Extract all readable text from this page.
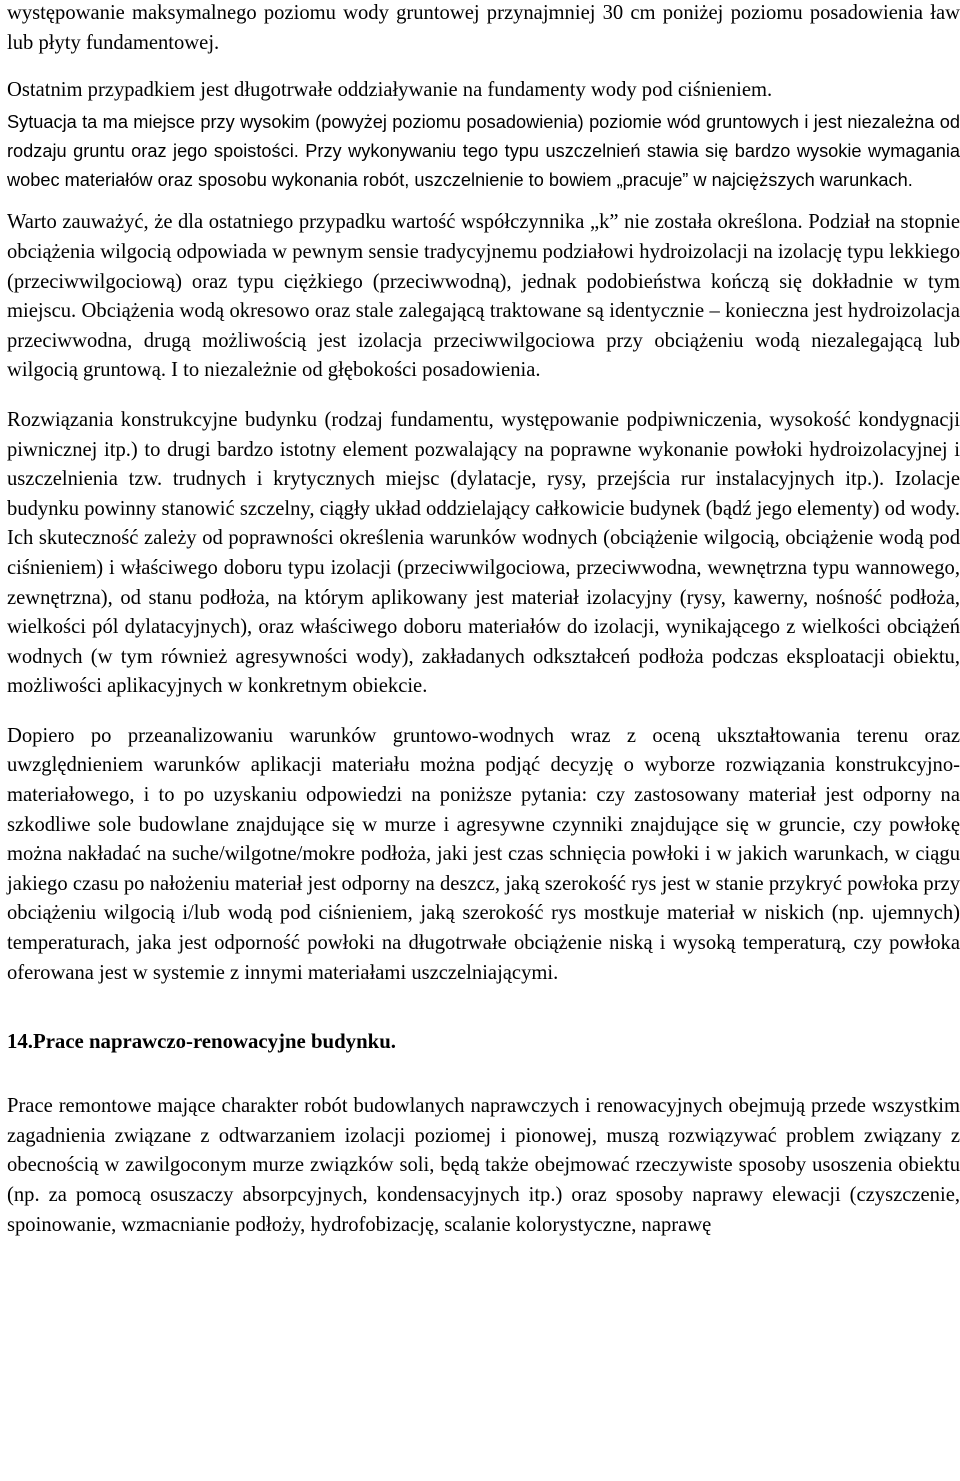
występowanie maksymalnego poziomu wody gruntowej przynajmniej 30 cm poniżej poziomu posadowienia ław lub płyty fundamentowej.

Ostatnim przypadkiem jest długotrwałe oddziaływanie na fundamenty wody pod ciśnieniem.

Sytuacja ta ma miejsce przy wysokim (powyżej poziomu posadowienia) poziomie wód gruntowych i jest niezależna od rodzaju gruntu oraz jego spoistości. Przy wykonywaniu tego typu uszczelnień stawia się bardzo wysokie wymagania wobec materiałów oraz sposobu wykonania robót, uszczelnienie to bowiem „pracuje” w najcięższych warunkach.

Warto zauważyć, że dla ostatniego przypadku wartość współczynnika „k” nie została określona. Podział na stopnie obciążenia wilgocią odpowiada w pewnym sensie tradycyjnemu podziałowi hydroizolacji na izolację typu lekkiego (przeciwwilgociową) oraz typu ciężkiego (przeciwwodną), jednak podobieństwa kończą się dokładnie w tym miejscu. Obciążenia wodą okresowo oraz stale zalegającą traktowane są identycznie – konieczna jest hydroizolacja przeciwwodna, drugą możliwością jest izolacja przeciwwilgociowa przy obciążeniu wodą niezalegającą lub wilgocią gruntową. I to niezależnie od głębokości posadowienia.

Rozwiązania konstrukcyjne budynku (rodzaj fundamentu, występowanie podpiwniczenia, wysokość kondygnacji piwnicznej itp.) to drugi bardzo istotny element pozwalający na poprawne wykonanie powłoki hydroizolacyjnej i uszczelnienia tzw. trudnych i krytycznych miejsc (dylatacje, rysy, przejścia rur instalacyjnych itp.). Izolacje budynku powinny stanowić szczelny, ciągły układ oddzielający całkowicie budynek (bądź jego elementy) od wody. Ich skuteczność zależy od poprawności określenia warunków wodnych (obciążenie wilgocią, obciążenie wodą pod ciśnieniem) i właściwego doboru typu izolacji (przeciwwilgociowa, przeciwwodna, wewnętrzna typu wannowego, zewnętrzna), od stanu podłoża, na którym aplikowany jest materiał izolacyjny (rysy, kawerny, nośność podłoża, wielkości pól dylatacyjnych), oraz właściwego doboru materiałów do izolacji, wynikającego z wielkości obciążeń wodnych (w tym również agresywności wody), zakładanych odkształceń podłoża podczas eksploatacji obiektu, możliwości aplikacyjnych w konkretnym obiekcie.

Dopiero po przeanalizowaniu warunków gruntowo-wodnych wraz z oceną ukształtowania terenu oraz uwzględnieniem warunków aplikacji materiału można podjąć decyzję o wyborze rozwiązania konstrukcyjno-materiałowego, i to po uzyskaniu odpowiedzi na poniższe pytania: czy zastosowany materiał jest odporny na szkodliwe sole budowlane znajdujące się w murze i agresywne czynniki znajdujące się w gruncie, czy powłokę można nakładać na suche/wilgotne/mokre podłoża, jaki jest czas schnięcia powłoki i w jakich warunkach, w ciągu jakiego czasu po nałożeniu materiał jest odporny na deszcz, jaką szerokość rys jest w stanie przykryć powłoka przy obciążeniu wilgocią i/lub wodą pod ciśnieniem, jaką szerokość rys mostkuje materiał w niskich (np. ujemnych) temperaturach, jaka jest odporność powłoki na długotrwałe obciążenie niską i wysoką temperaturą, czy powłoka oferowana jest w systemie z innymi materiałami uszczelniającymi.

14.Prace naprawczo-renowacyjne budynku.

Prace remontowe mające charakter robót budowlanych naprawczych i renowacyjnych obejmują przede wszystkim zagadnienia związane z odtwarzaniem izolacji poziomej i pionowej, muszą rozwiązywać problem związany z obecnością w zawilgoconym murze związków soli, będą także obejmować rzeczywiste sposoby usoszenia obiektu (np. za pomocą osuszaczy absorpcyjnych, kondensacyjnych itp.) oraz sposoby naprawy elewacji (czyszczenie, spoinowanie, wzmacnianie podłoży, hydrofobizację, scalanie kolorystyczne, naprawę
